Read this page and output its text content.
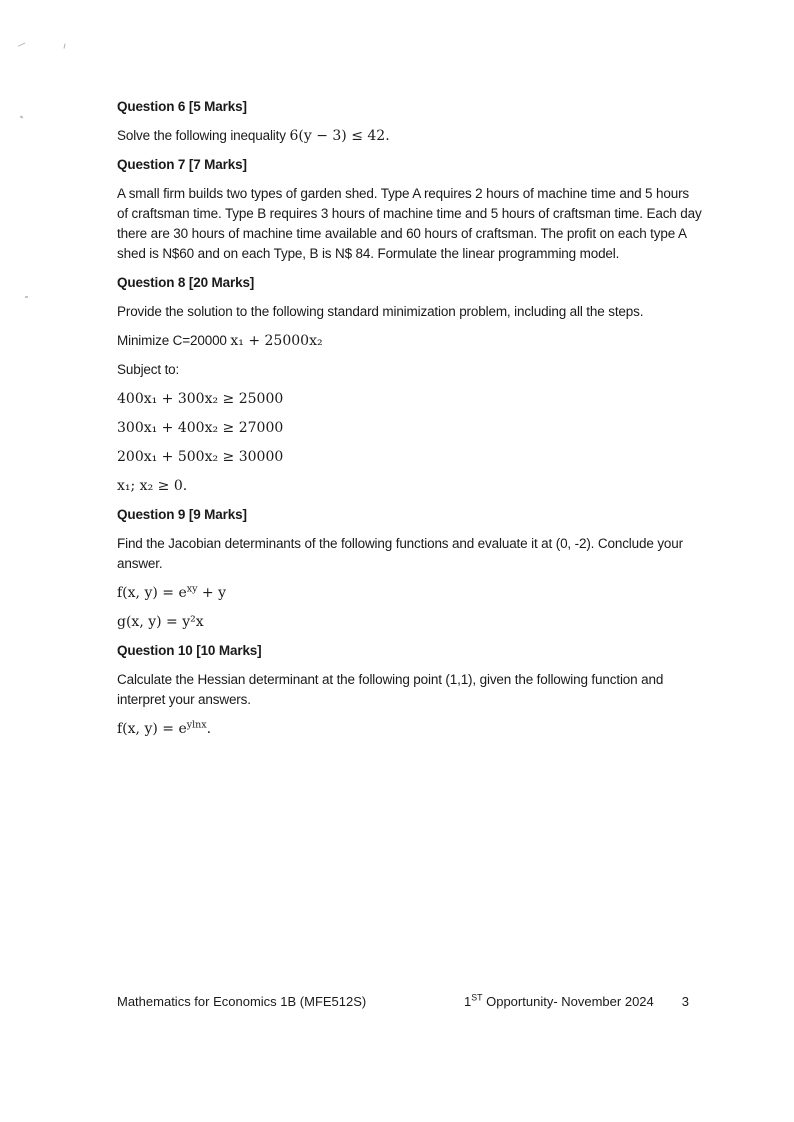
Question 6 [5 Marks]

Solve the following inequality 6(y − 3) ≤ 42.

Question 7 [7 Marks]

A small firm builds two types of garden shed. Type A requires 2 hours of machine time and 5 hours of craftsman time. Type B requires 3 hours of machine time and 5 hours of craftsman time. Each day there are 30 hours of machine time available and 60 hours of craftsman. The profit on each type A shed is N$60 and on each Type, B is N$ 84. Formulate the linear programming model.

Question 8 [20 Marks]

Provide the solution to the following standard minimization problem, including all the steps.

Minimize C=20000 x₁ + 25000x₂

Subject to:

400x₁ + 300x₂ ≥ 25000

300x₁ + 400x₂ ≥ 27000

200x₁ + 500x₂ ≥ 30000

x₁; x₂ ≥ 0.

Question 9 [9 Marks]

Find the Jacobian determinants of the following functions and evaluate it at (0, -2). Conclude your answer.

f(x, $y) = e^{xy} + y$

g(x, y) = y²x

Question 10 [10 Marks]

Calculate the Hessian determinant at the following point (1,1), given the following function and interpret your answers.

f(x, $y) = e^{ylnx}$.

Mathematics for Economics 1B (MFE512S)	1ST Opportunity- November 2024 3
